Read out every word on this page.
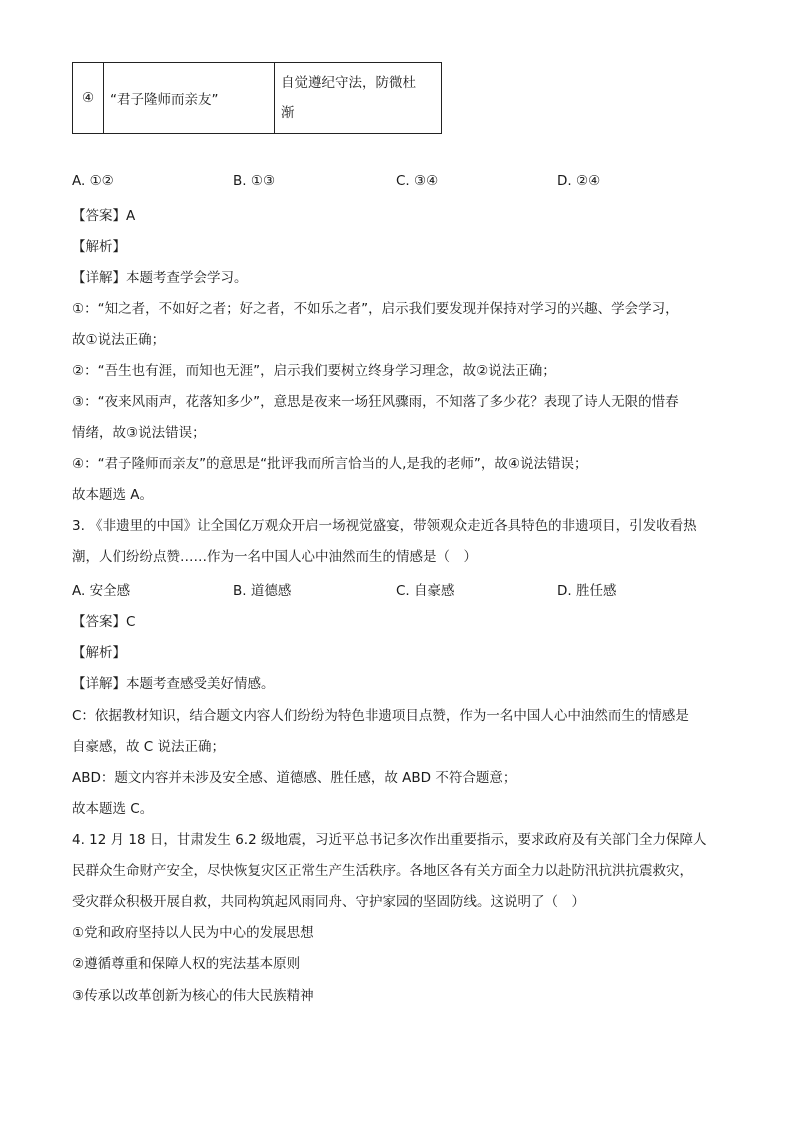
④	“君子隆师而亲友”	自觉遵纪守法，防微杜
渐
A. ①②	B. ①③	C. ③④	D. ②④
【答案】A
【解析】
【详解】本题考查学会学习。
①：“知之者，不如好之者；好之者，不如乐之者”，启示我们要发现并保持对学习的兴趣、学会学习，
故①说法正确；
②：“吾生也有涯，而知也无涯”，启示我们要树立终身学习理念，故②说法正确；
③：“夜来风雨声，花落知多少”，意思是夜来一场狂风骤雨，不知落了多少花？表现了诗人无限的惜春
情绪，故③说法错误；
④：“君子隆师而亲友”的意思是“批评我而所言恰当的人,是我的老师”，故④说法错误；
故本题选 A。
3. 《非遗里的中国》让全国亿万观众开启一场视觉盛宴，带领观众走近各具特色的非遗项目，引发收看热
潮，人们纷纷点赞……作为一名中国人心中油然而生的情感是（　）
A. 安全感	B. 道德感	C. 自豪感	D. 胜任感
【答案】C
【解析】
【详解】本题考查感受美好情感。
C：依据教材知识，结合题文内容人们纷纷为特色非遗项目点赞，作为一名中国人心中油然而生的情感是
自豪感，故 C 说法正确；
ABD：题文内容并未涉及安全感、道德感、胜任感，故 ABD 不符合题意；
故本题选 C。
4. 12 月 18 日，甘肃发生 6.2 级地震，习近平总书记多次作出重要指示，要求政府及有关部门全力保障人
民群众生命财产安全，尽快恢复灾区正常生产生活秩序。各地区各有关方面全力以赴防汛抗洪抗震救灾，
受灾群众积极开展自救，共同构筑起风雨同舟、守护家园的坚固防线。这说明了（　）
①党和政府坚持以人民为中心的发展思想
②遵循尊重和保障人权的宪法基本原则
③传承以改革创新为核心的伟大民族精神
